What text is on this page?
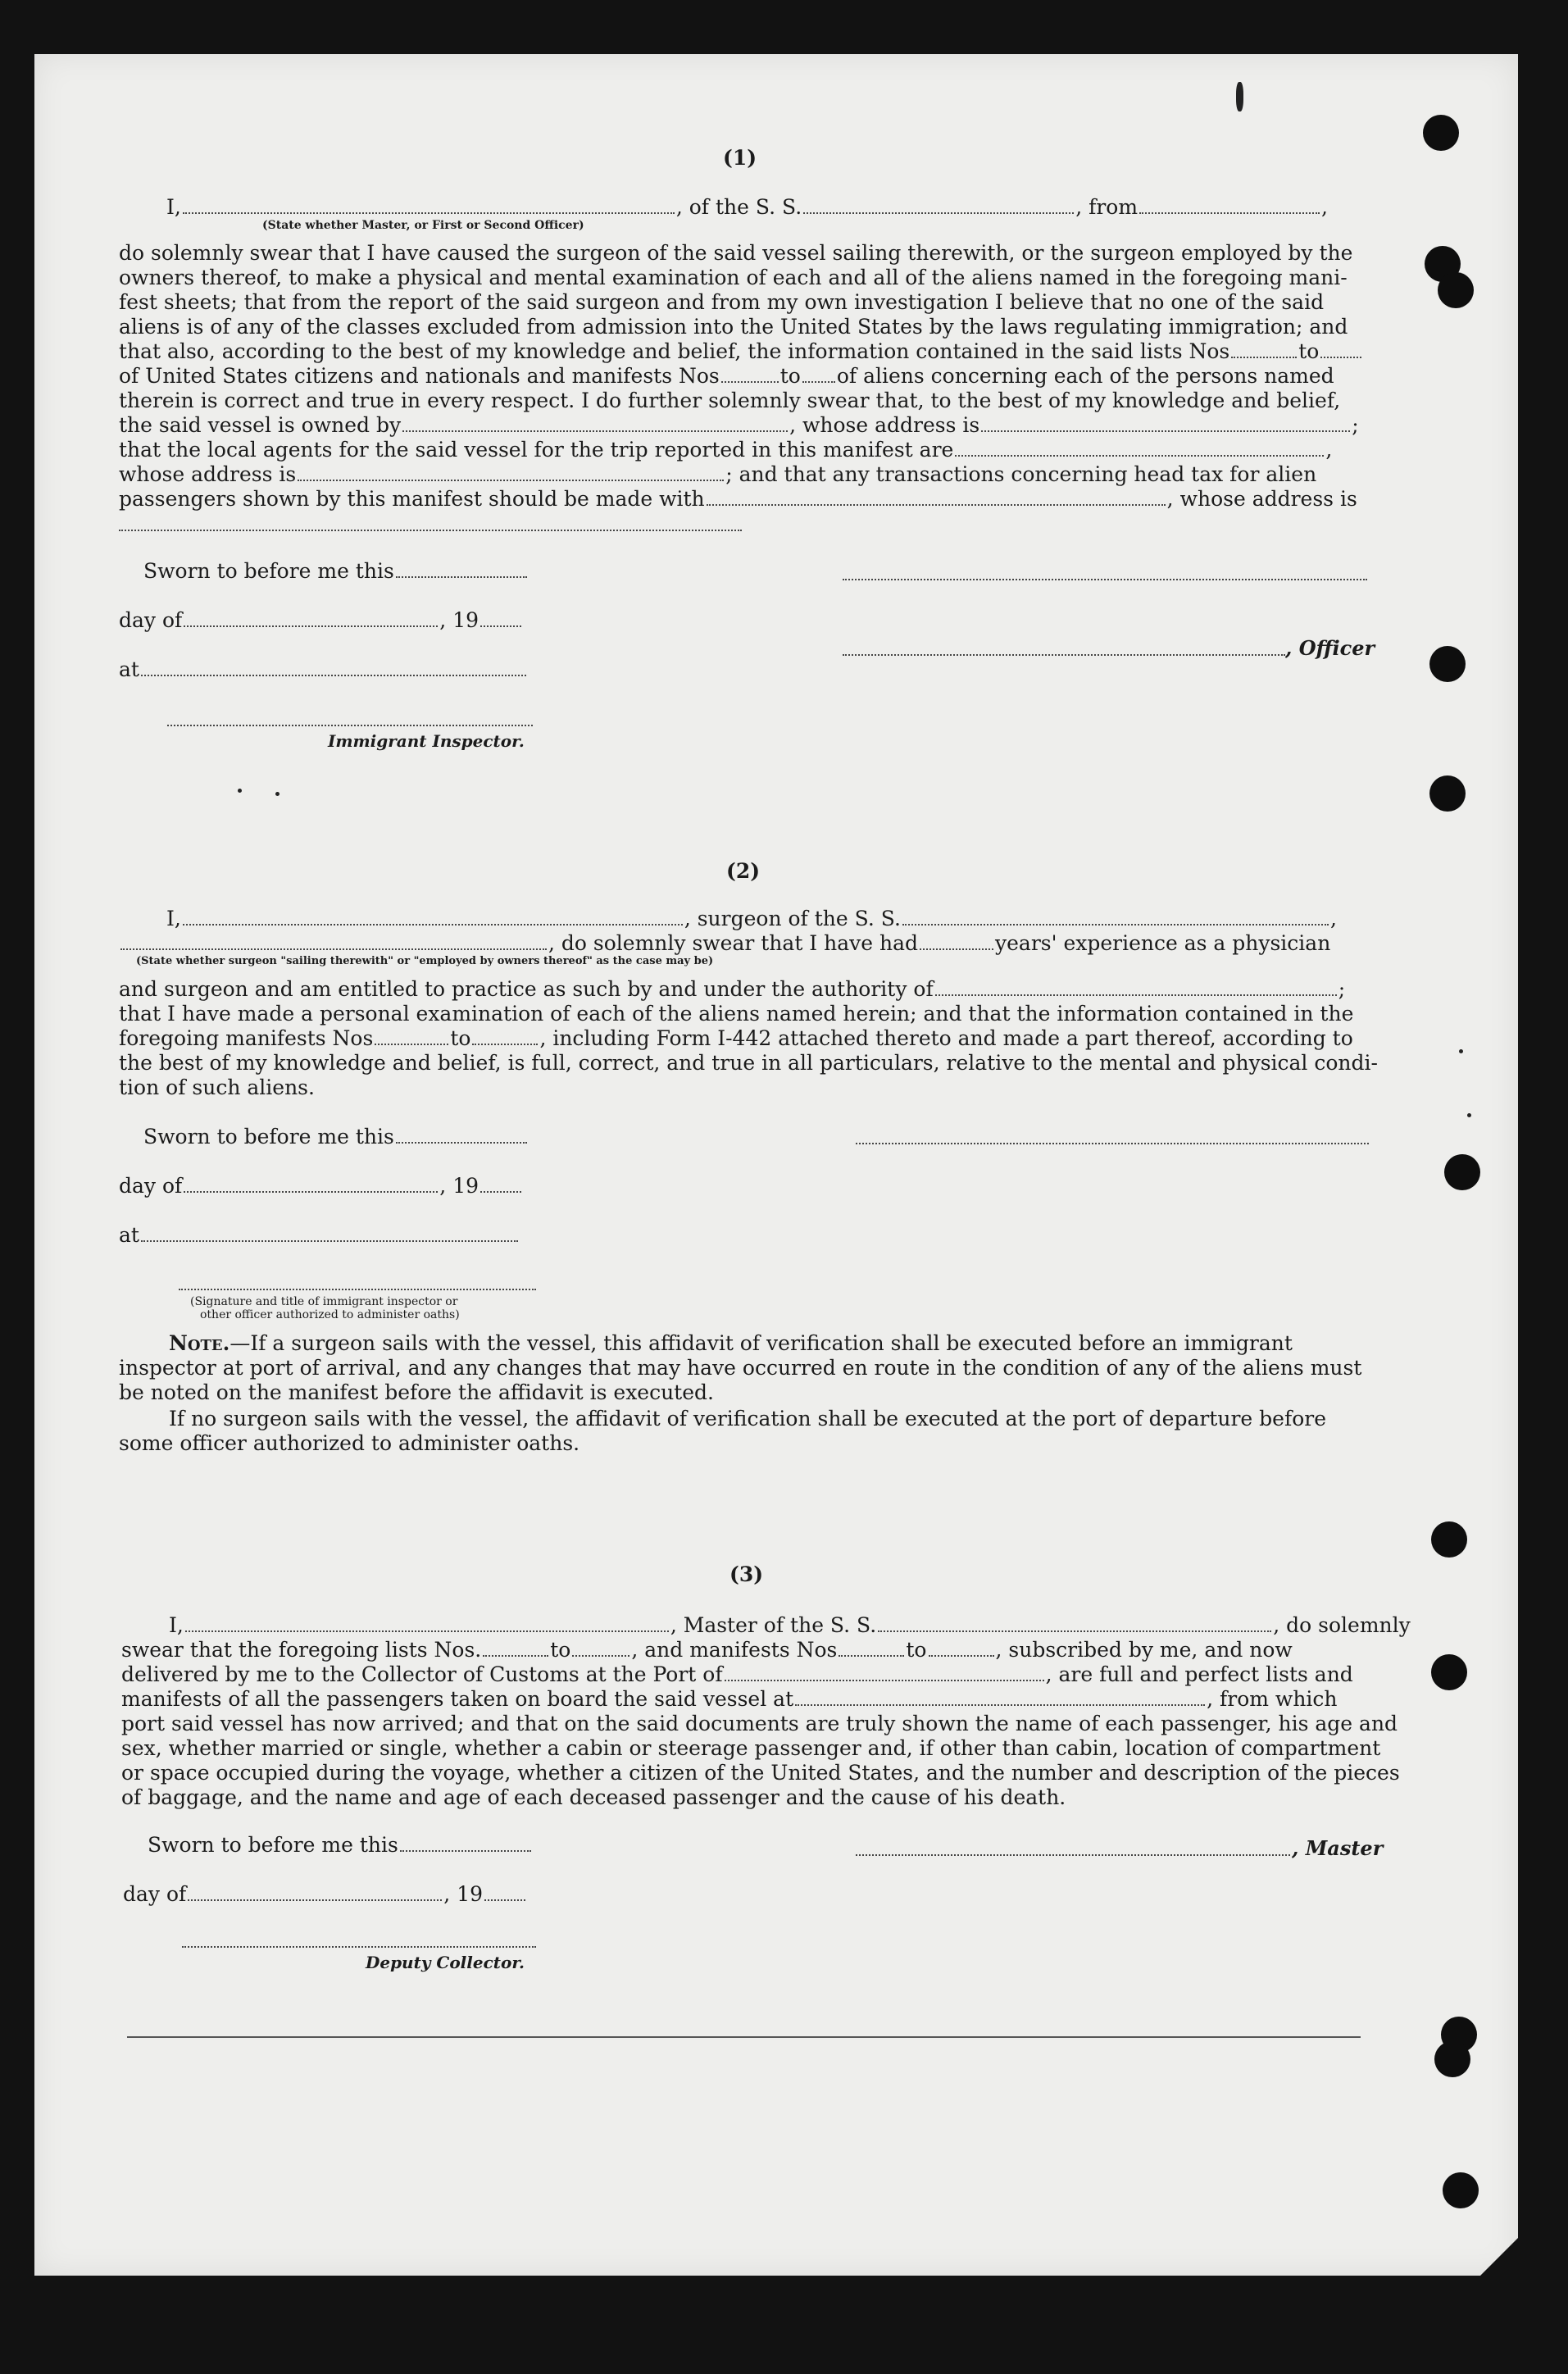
(1)
I,	, of the S. S.	, from	,
(State whether Master, or First or Second Officer)
do solemnly swear that I have caused the surgeon of the said vessel sailing therewith, or the surgeon employed by the
owners thereof, to make a physical and mental examination of each and all of the aliens named in the foregoing mani-
fest sheets; that from the report of the said surgeon and from my own investigation I believe that no one of the said
aliens is of any of the classes excluded from admission into the United States by the laws regulating immigration; and
that also, according to the best of my knowledge and belief, the information contained in the said lists Nos	to
of United States citizens and nationals and manifests Nos	to of aliens concerning each of the persons named
therein is correct and true in every respect. I do further solemnly swear that, to the best of my knowledge and belief,
the said vessel is owned by	, whose address is	;
that the local agents for the said vessel for the trip reported in this manifest are	,
whose address is	; and that any transactions concerning head tax for alien
passengers shown by this manifest should be made with	, whose address is
Sworn to before me this
day of	, 19
at
, Officer
Immigrant Inspector.
(2)
I,	, surgeon of the S. S.	,
, do solemnly swear that I have had	years' experience as a physician
(State whether surgeon "sailing therewith" or "employed by owners thereof" as the case may be)
and surgeon and am entitled to practice as such by and under the authority of	;
that I have made a personal examination of each of the aliens named herein; and that the information contained in the
foregoing manifests Nos	to	, including Form I-442 attached thereto and made a part thereof, according to
the best of my knowledge and belief, is full, correct, and true in all particulars, relative to the mental and physical condi-
tion of such aliens.
Sworn to before me this
day of	, 19
at
(Signature and title of immigrant inspector or
other officer authorized to administer oaths)
Note.—If a surgeon sails with the vessel, this affidavit of verification shall be executed before an immigrant
inspector at port of arrival, and any changes that may have occurred en route in the condition of any of the aliens must
be noted on the manifest before the affidavit is executed.
If no surgeon sails with the vessel, the affidavit of verification shall be executed at the port of departure before
some officer authorized to administer oaths.
(3)
I,	, Master of the S. S.	, do solemnly
swear that the foregoing lists Nos.	to	, and manifests Nos	to	, subscribed by me, and now
delivered by me to the Collector of Customs at the Port of	, are full and perfect lists and
manifests of all the passengers taken on board the said vessel at	, from which
port said vessel has now arrived; and that on the said documents are truly shown the name of each passenger, his age and
sex, whether married or single, whether a cabin or steerage passenger and, if other than cabin, location of compartment
or space occupied during the voyage, whether a citizen of the United States, and the number and description of the pieces
of baggage, and the name and age of each deceased passenger and the cause of his death.
Sworn to before me this	, Master
day of	, 19
Deputy Collector.
